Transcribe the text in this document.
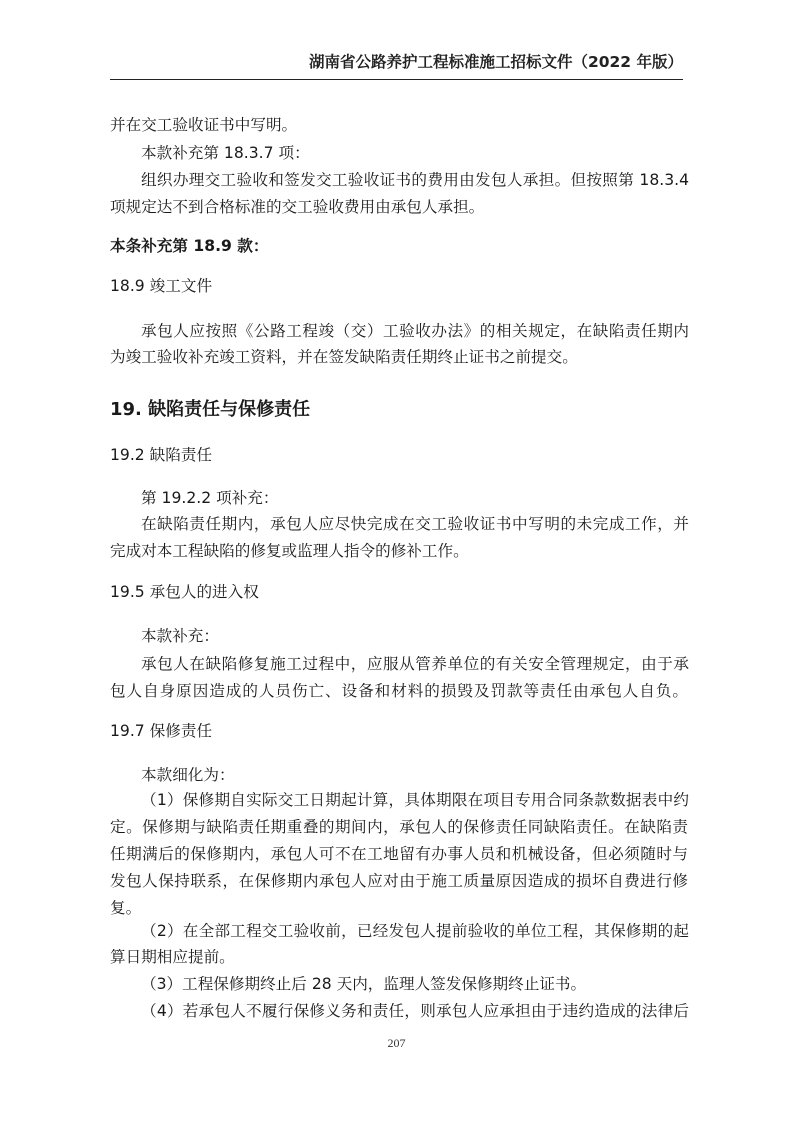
湖南省公路养护工程标准施工招标文件（2022 年版）
并在交工验收证书中写明。
本款补充第 18.3.7 项：
组织办理交工验收和签发交工验收证书的费用由发包人承担。但按照第 18.3.4
项规定达不到合格标准的交工验收费用由承包人承担。
本条补充第 18.9 款：
18.9 竣工文件
承包人应按照《公路工程竣（交）工验收办法》的相关规定，在缺陷责任期内
为竣工验收补充竣工资料，并在签发缺陷责任期终止证书之前提交。
19. 缺陷责任与保修责任
19.2 缺陷责任
第 19.2.2 项补充：
在缺陷责任期内，承包人应尽快完成在交工验收证书中写明的未完成工作，并
完成对本工程缺陷的修复或监理人指令的修补工作。
19.5 承包人的进入权
本款补充：
承包人在缺陷修复施工过程中，应服从管养单位的有关安全管理规定，由于承
包人自身原因造成的人员伤亡、设备和材料的损毁及罚款等责任由承包人自负。
19.7 保修责任
本款细化为：
（1）保修期自实际交工日期起计算，具体期限在项目专用合同条款数据表中约
定。保修期与缺陷责任期重叠的期间内，承包人的保修责任同缺陷责任。在缺陷责
任期满后的保修期内，承包人可不在工地留有办事人员和机械设备，但必须随时与
发包人保持联系，在保修期内承包人应对由于施工质量原因造成的损坏自费进行修
复。
（2）在全部工程交工验收前，已经发包人提前验收的单位工程，其保修期的起
算日期相应提前。
（3）工程保修期终止后 28 天内，监理人签发保修期终止证书。
（4）若承包人不履行保修义务和责任，则承包人应承担由于违约造成的法律后
207
